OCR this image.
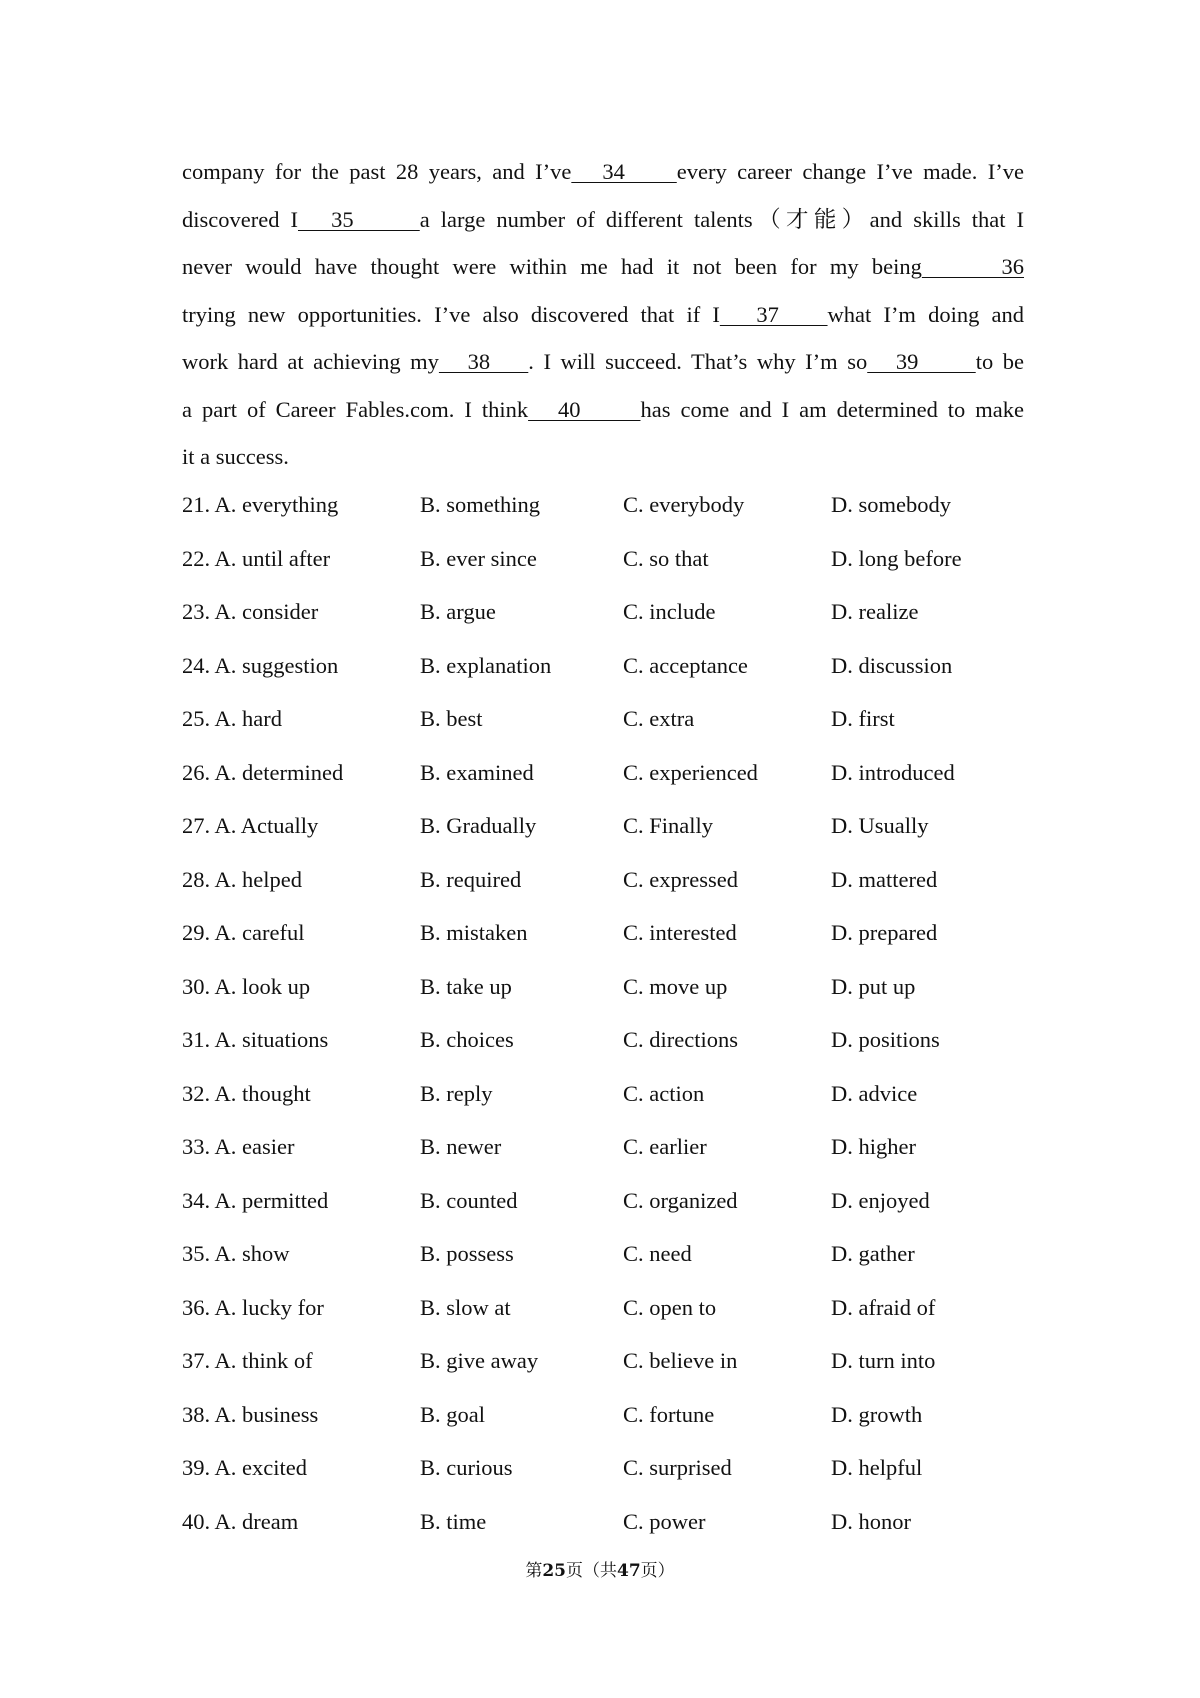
company for the past 28 years, and I’ve   34     every career change I’ve made. I’ve
discovered I   35      a large number of different talents（才能）and skills that I
never would have thought were within me had it not been for my being      36
trying new opportunities. I’ve also discovered that if I   37    what I’m doing and
work hard at achieving my   38    . I will succeed. That’s why I’m so   39      to be
a part of Career Fables.com. I think   40      has come and I am determined to make
it a success.
21. A. everything	B. something	C. everybody	D. somebody
22. A. until after	B. ever since	C. so that	D. long before
23. A. consider	B. argue	C. include	D. realize
24. A. suggestion	B. explanation	C. acceptance	D. discussion
25. A. hard	B. best	C. extra	D. first
26. A. determined	B. examined	C. experienced	D. introduced
27. A. Actually	B. Gradually	C. Finally	D. Usually
28. A. helped	B. required	C. expressed	D. mattered
29. A. careful	B. mistaken	C. interested	D. prepared
30. A. look up	B. take up	C. move up	D. put up
31. A. situations	B. choices	C. directions	D. positions
32. A. thought	B. reply	C. action	D. advice
33. A. easier	B. newer	C. earlier	D. higher
34. A. permitted	B. counted	C. organized	D. enjoyed
35. A. show	B. possess	C. need	D. gather
36. A. lucky for	B. slow at	C. open to	D. afraid of
37. A. think of	B. give away	C. believe in	D. turn into
38. A. business	B. goal	C. fortune	D. growth
39. A. excited	B. curious	C. surprised	D. helpful
40. A. dream	B. time	C. power	D. honor
第25页（共47页）
